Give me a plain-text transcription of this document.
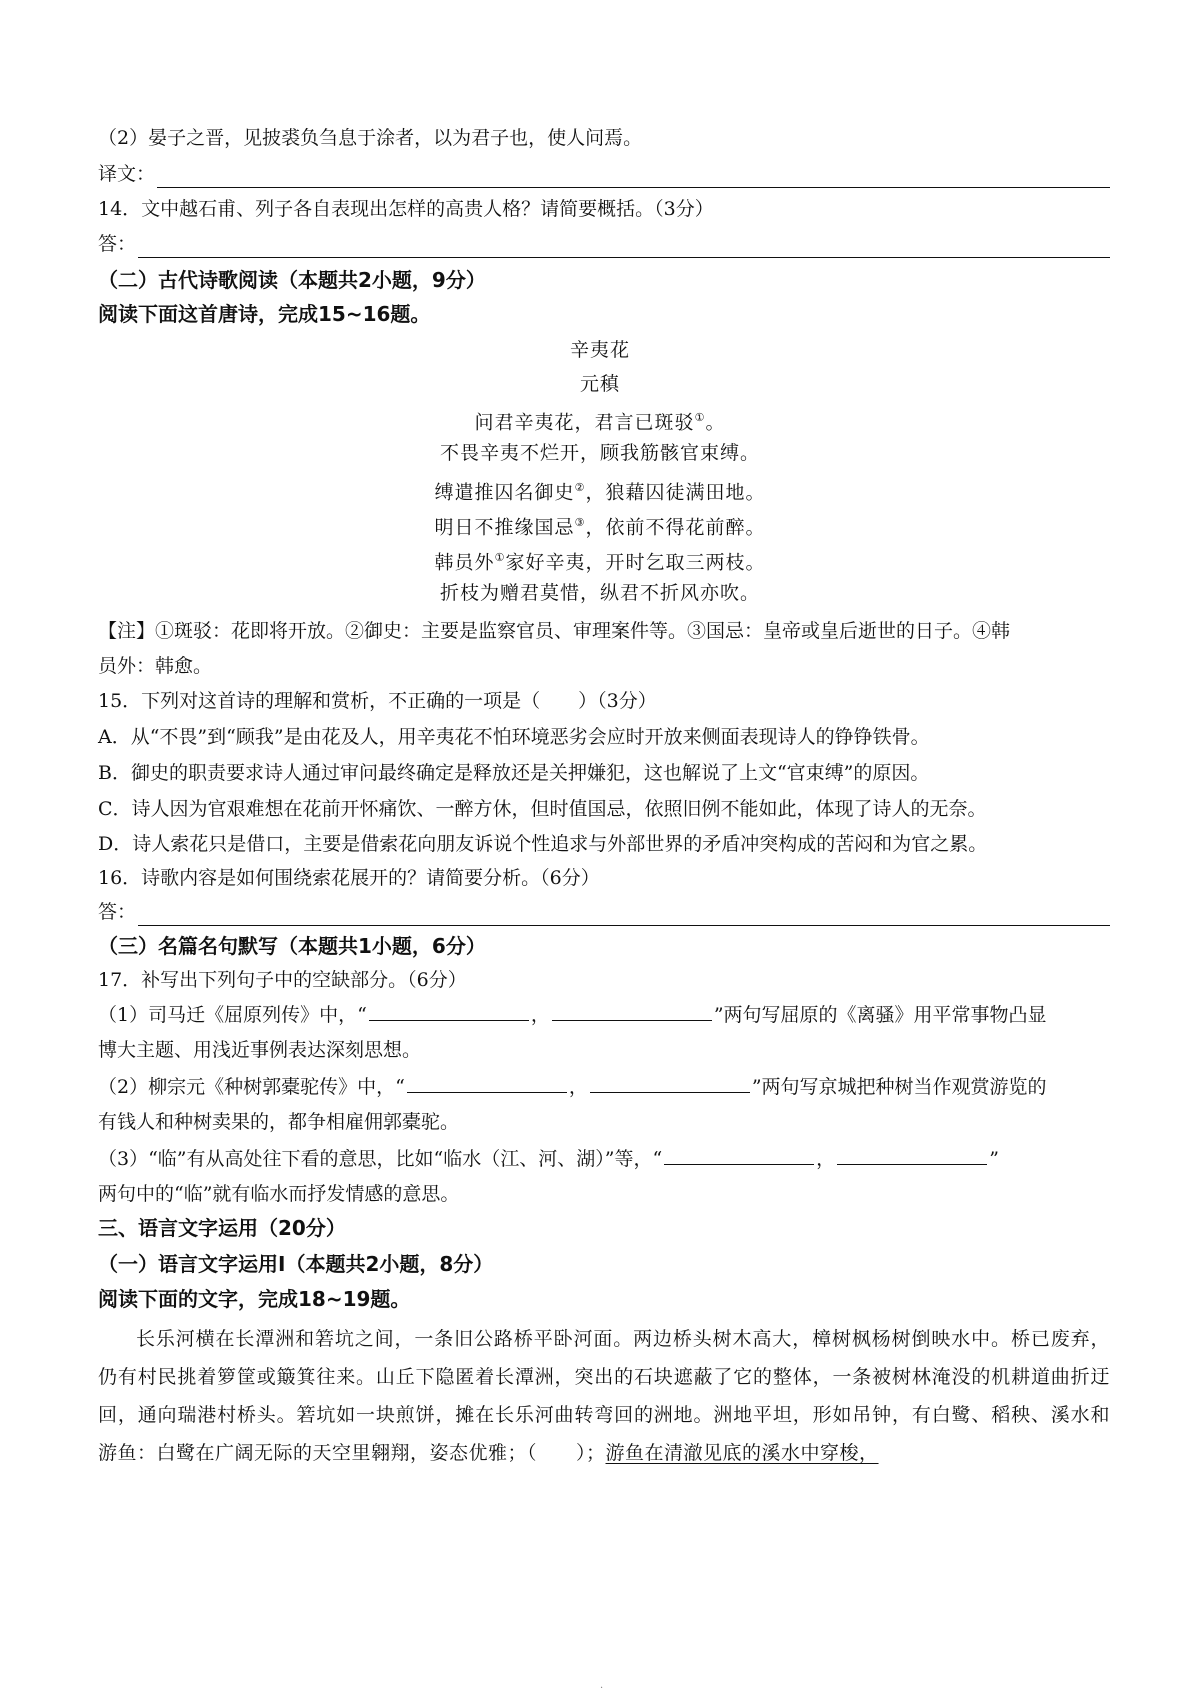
（2）晏子之晋，见披裘负刍息于涂者，以为君子也，使人问焉。
译文：
14．文中越石甫、列子各自表现出怎样的高贵人格？请简要概括。（3分）
答：
（二）古代诗歌阅读（本题共2小题，9分）
阅读下面这首唐诗，完成15~16题。
辛夷花
元稹
问君辛夷花，君言已斑驳①。
不畏辛夷不烂开，顾我筋骸官束缚。
缚遣推囚名御史②，狼藉囚徒满田地。
明日不推缘国忌③，依前不得花前醉。
韩员外①家好辛夷，开时乞取三两枝。
折枝为赠君莫惜，纵君不折风亦吹。
【注】①斑驳：花即将开放。②御史：主要是监察官员、审理案件等。③国忌：皇帝或皇后逝世的日子。④韩
员外：韩愈。
15．下列对这首诗的理解和赏析，不正确的一项是（　　）（3分）
A．从“不畏”到“顾我”是由花及人，用辛夷花不怕环境恶劣会应时开放来侧面表现诗人的铮铮铁骨。
B．御史的职责要求诗人通过审问最终确定是释放还是关押嫌犯，这也解说了上文“官束缚”的原因。
C．诗人因为官艰难想在花前开怀痛饮、一醉方休，但时值国忌，依照旧例不能如此，体现了诗人的无奈。
D．诗人索花只是借口，主要是借索花向朋友诉说个性追求与外部世界的矛盾冲突构成的苦闷和为官之累。
16．诗歌内容是如何围绕索花展开的？请简要分析。（6分）
答：
（三）名篇名句默写（本题共1小题，6分）
17．补写出下列句子中的空缺部分。（6分）
（1）司马迁《屈原列传》中，“	，	”两句写屈原的《离骚》用平常事物凸显
博大主题、用浅近事例表达深刻思想。
（2）柳宗元《种树郭橐驼传》中，“	，	”两句写京城把种树当作观赏游览的
有钱人和种树卖果的，都争相雇佣郭橐驼。
（3）“临”有从高处往下看的意思，比如“临水（江、河、湖）”等，“	，	”
两句中的“临”就有临水而抒发情感的意思。
三、语言文字运用（20分）
（一）语言文字运用Ⅰ（本题共2小题，8分）
阅读下面的文字，完成18~19题。
长乐河横在长潭洲和箬坑之间，一条旧公路桥平卧河面。两边桥头树木高大，樟树枫杨树倒映水中。桥已废弃，仍有村民挑着箩筐或簸箕往来。山丘下隐匿着长潭洲，突出的石块遮蔽了它的整体，一条被树林淹没的机耕道曲折迂回，通向瑞港村桥头。箬坑如一块煎饼，摊在长乐河曲转弯回的洲地。洲地平坦，形如吊钟，有白鹭、稻秧、溪水和游鱼：白鹭在广阔无际的天空里翱翔，姿态优雅；（　　）；游鱼在清澈见底的溪水中穿梭，
·
